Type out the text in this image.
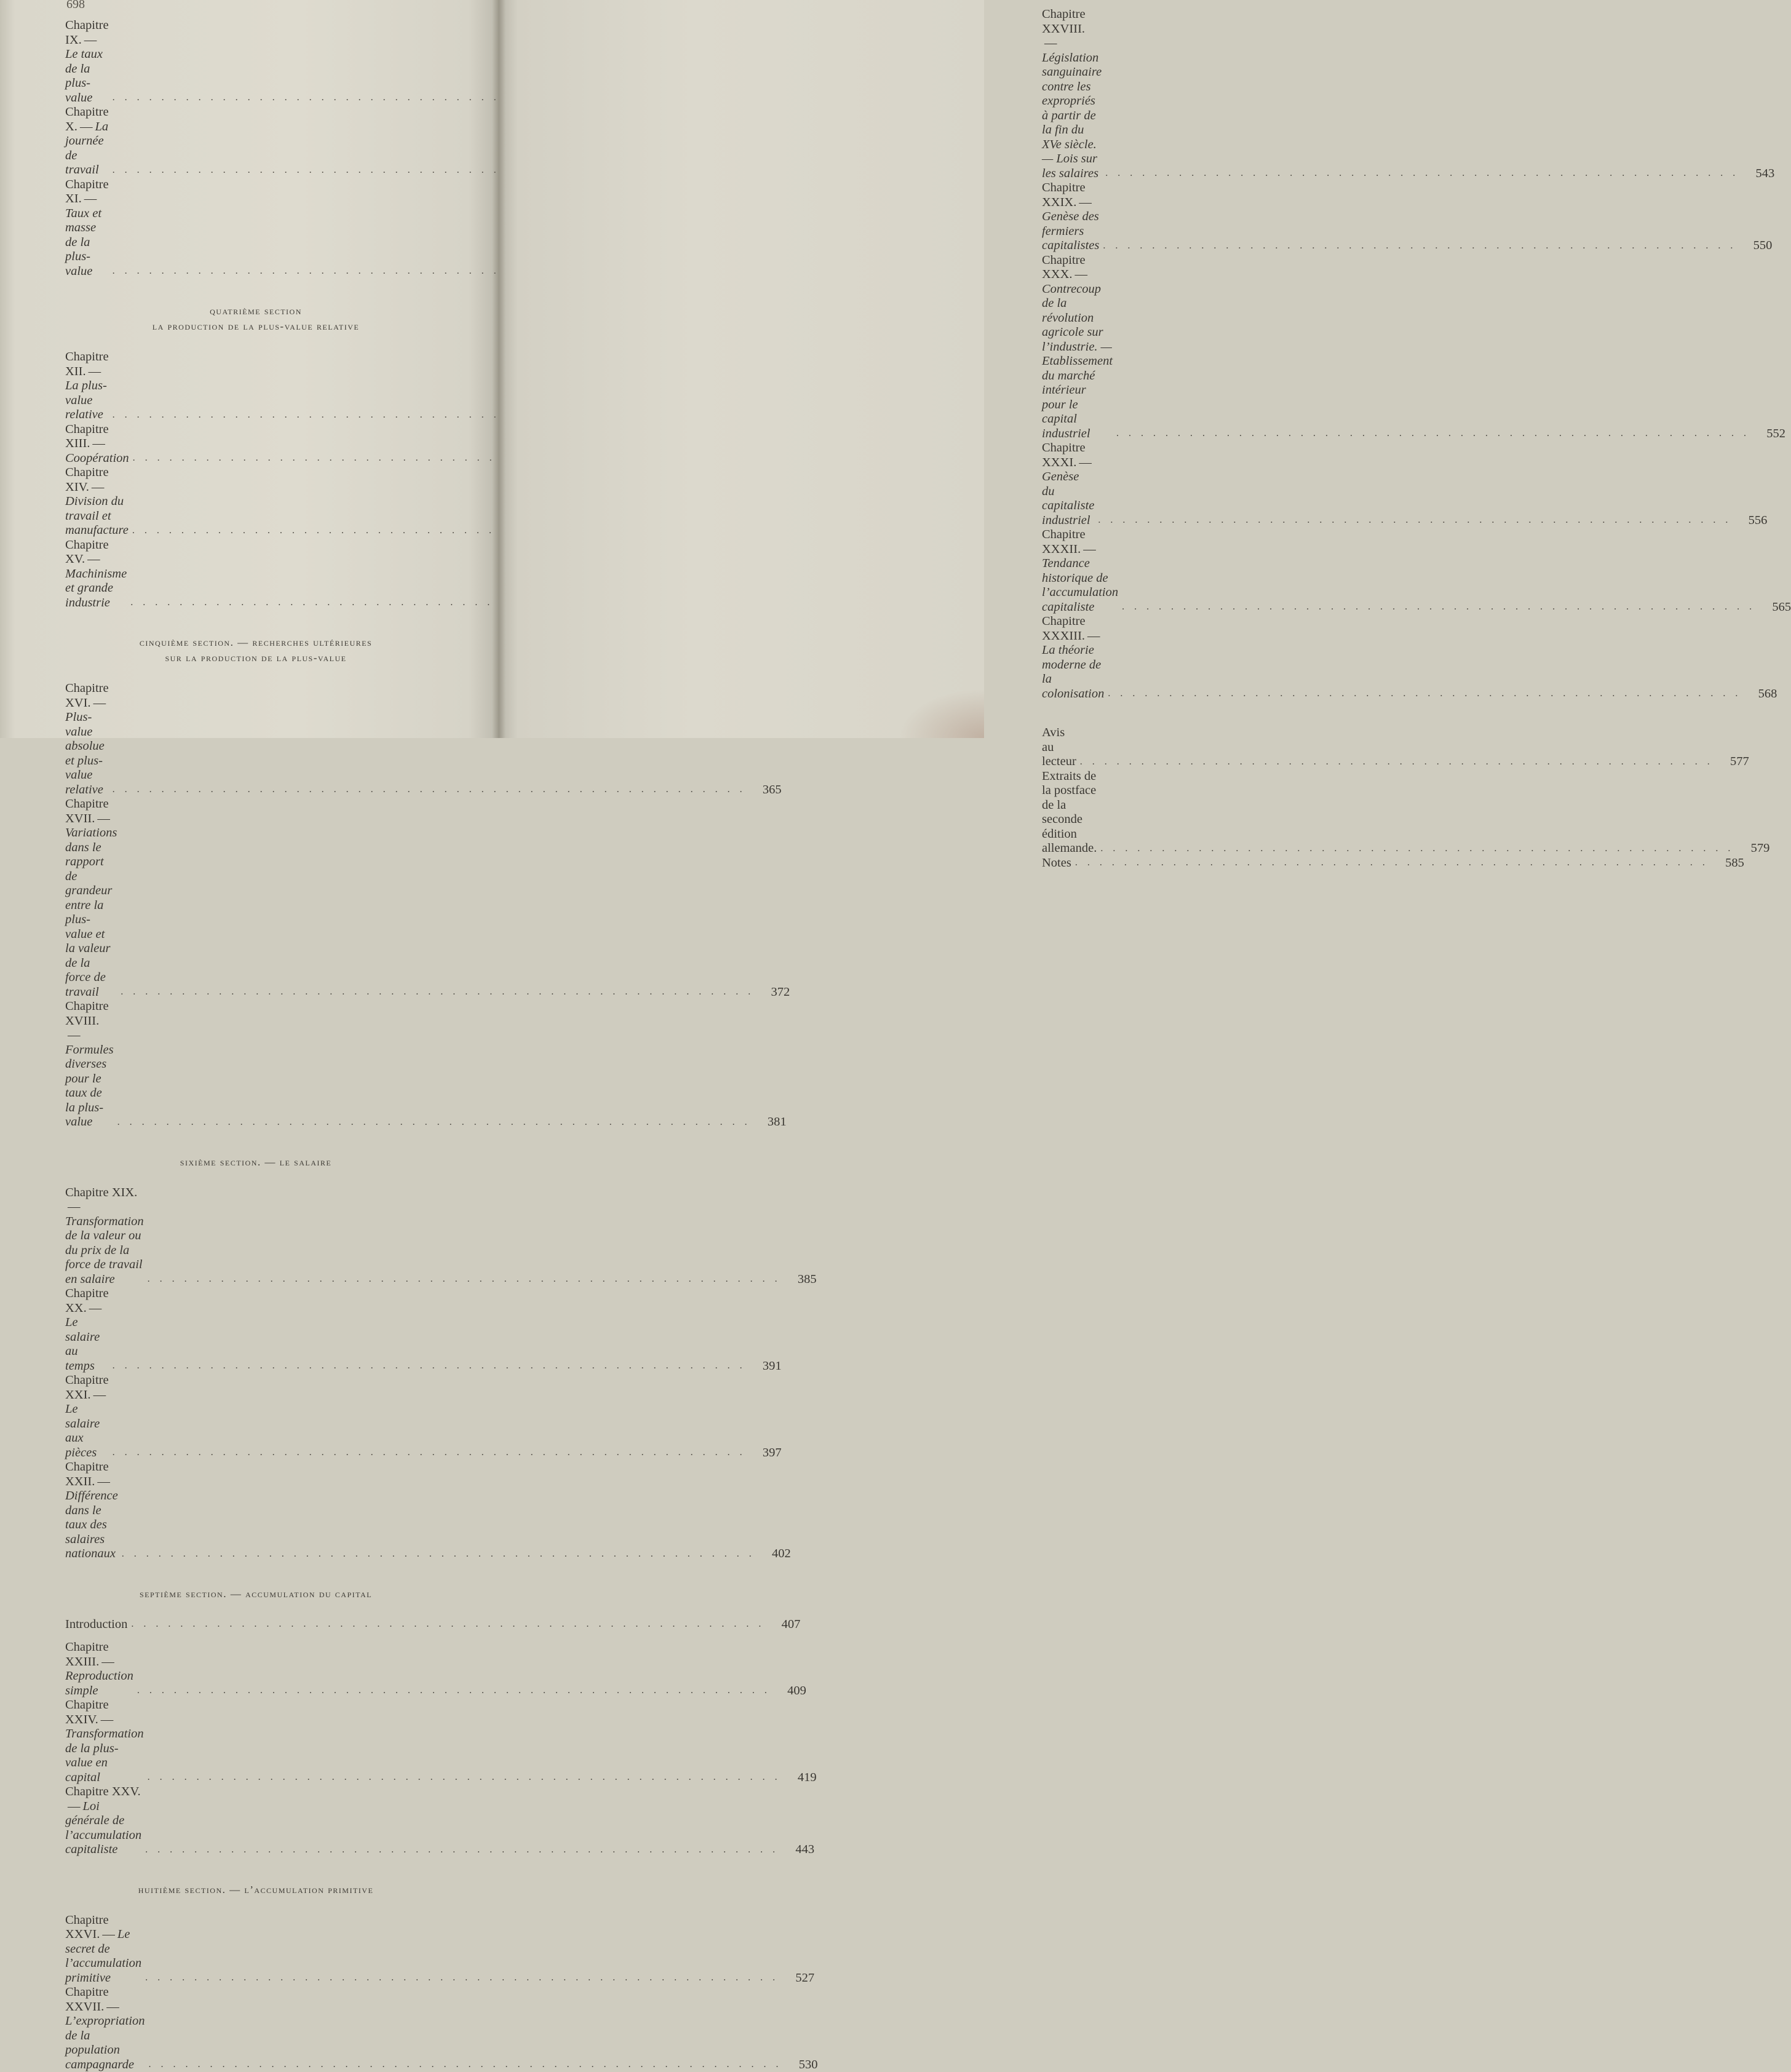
698
Chapitre IX. —Le taux de la plus-value
. . .
Chapitre X. — La journée de travail
. . .
Chapitre XI. —Taux et masse de la plus-value
. . .
quatrième section
la production de la plus-value relative
Chapitre XII. —La plus-value relative
. . .
Chapitre XIII. —Coopération
. . .
Chapitre XIV. —Division du travail et manufacture
. . .
Chapitre XV. —Machinisme et grande industrie
. . .
cinquième section. — recherches ultérieures
sur la production de la plus-value
Chapitre XVI. —Plus-value absolue et plus-value relative . . .	365
Chapitre XVII. —Variations dans le rapport de grandeur entre la plus-value et la valeur de la force de travail . . .	372
Chapitre XVIII.—Formules diverses pour le taux de la plus-value . . .	381
sixième section. — le salaire
Chapitre XIX.—Transformation de la valeur ou du prix de la force de travail en salaire . . .	385
Chapitre XX. —Le salaire au temps . . .	391
Chapitre XXI. —Le salaire aux pièces . . .	397
Chapitre XXII. —Différence dans le taux des salaires nationaux . . .	402
septième section. — accumulation du capital
Introduction . . .	407
Chapitre XXIII. —Reproduction simple . . .	409
Chapitre XXIV. —Transformation de la plus-value en capital . . .	419
Chapitre XXV.— Loi générale de l’accumulation capitaliste . . .	443
huitième section. — l’accumulation primitive
Chapitre XXVI. — Le secret de l’accumulation primitive . . .	527
Chapitre XXVII. —L’expropriation de la population campagnarde . . .	530
Chapitre XXVIII.—Législation sanguinaire contre les expropriés à partir de la fin du XVe siècle. — Lois sur les salaires . . .	543
Chapitre XXIX. —Genèse des fermiers capitalistes . . .	550
Chapitre XXX. —Contrecoup de la révolution agricole sur l’industrie. — Etablissement du marché intérieur pour le capital industriel . . .	552
Chapitre XXXI. —Genèse du capitaliste industriel . . .	556
Chapitre XXXII. —Tendance historique de l’accumulation capitaliste . . .	565
Chapitre XXXIII. —La théorie moderne de la colonisation . . .	568
Avis au lecteur . . .	577
Extraits de la postface de la seconde édition allemande. . . .	579
Notes . . .	585
